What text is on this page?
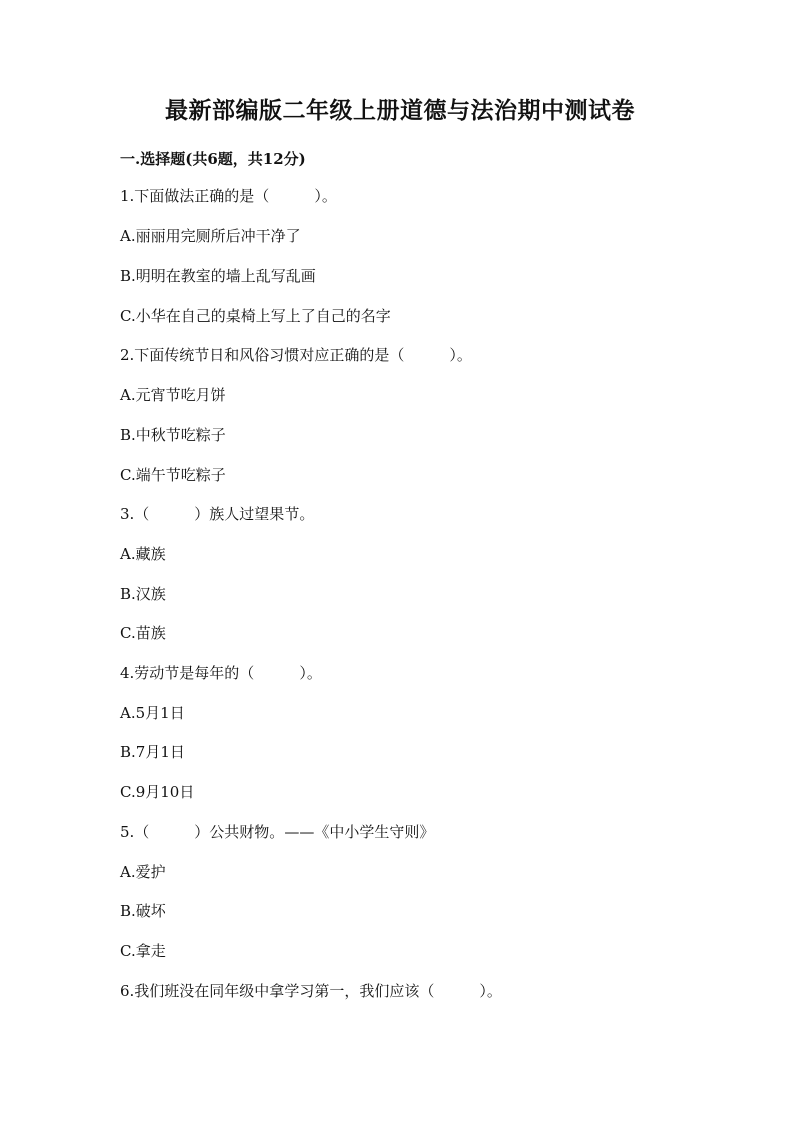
最新部编版二年级上册道德与法治期中测试卷

一.选择题(共6题，共12分)

1.下面做法正确的是（　　　）。

A.丽丽用完厕所后冲干净了

B.明明在教室的墙上乱写乱画

C.小华在自己的桌椅上写上了自己的名字

2.下面传统节日和风俗习惯对应正确的是（　　　）。

A.元宵节吃月饼

B.中秋节吃粽子

C.端午节吃粽子

3.（　　　）族人过望果节。

A.藏族

B.汉族

C.苗族

4.劳动节是每年的（　　　）。

A.5月1日

B.7月1日

C.9月10日

5.（　　　）公共财物。——《中小学生守则》

A.爱护

B.破坏

C.拿走

6.我们班没在同年级中拿学习第一，我们应该（　　　）。
